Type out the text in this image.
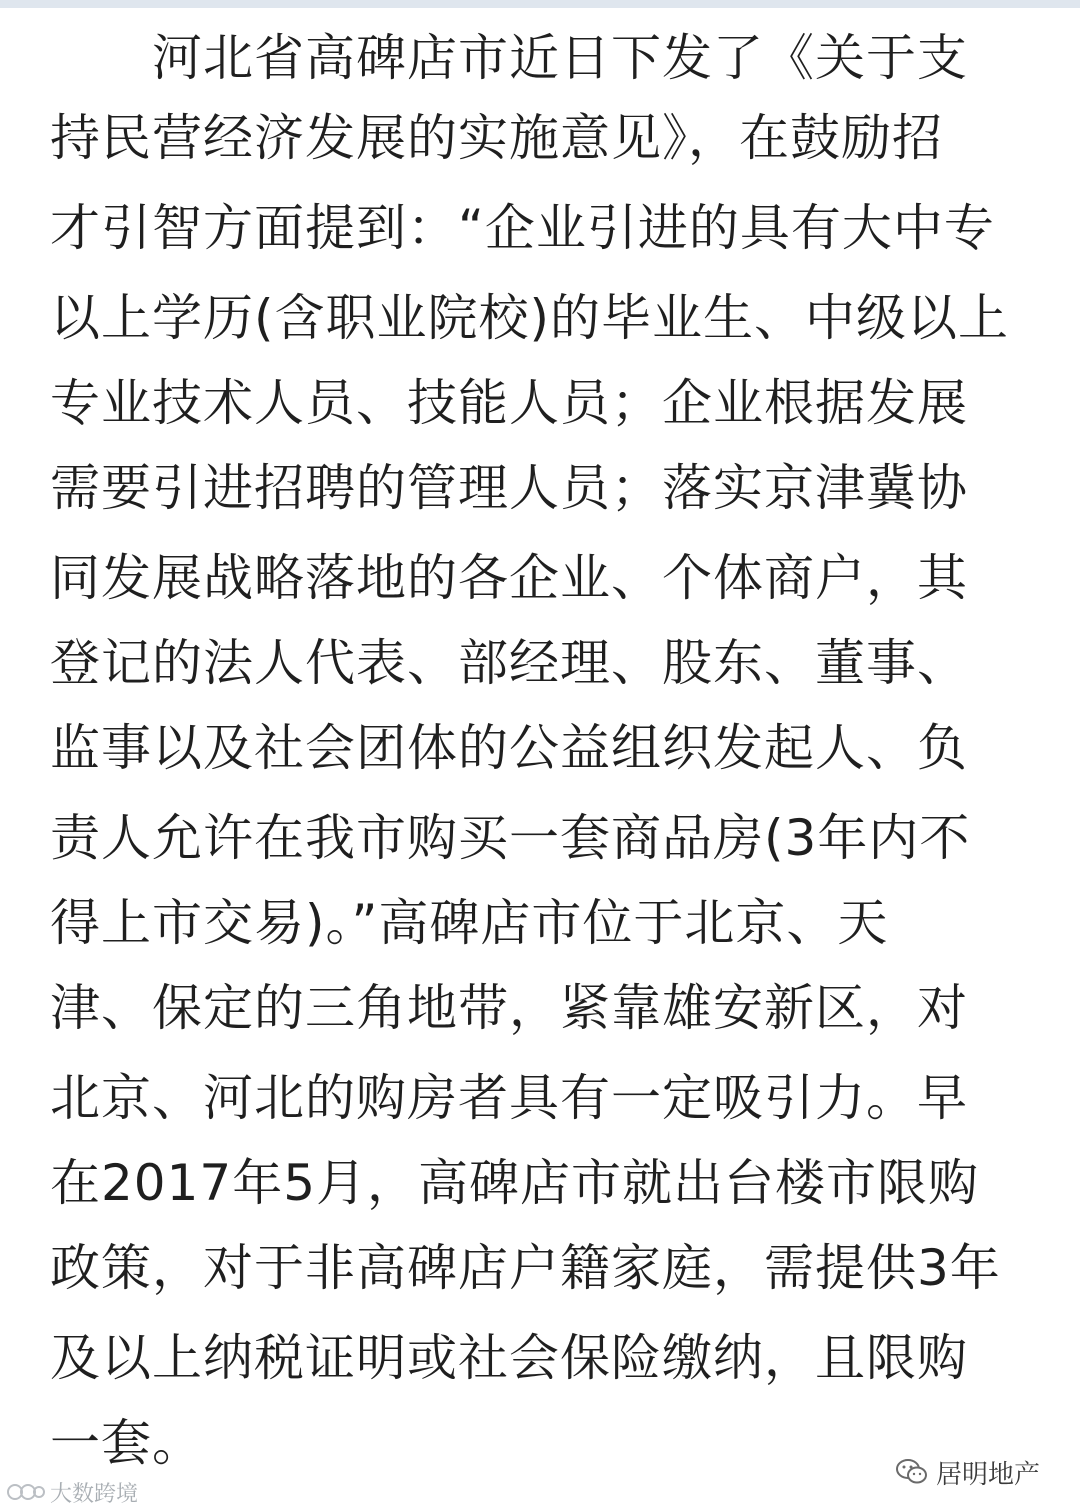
　　河北省高碑店市近日下发了《关于支
持民营经济发展的实施意见》，在鼓励招
才引智方面提到：“企业引进的具有大中专
以上学历(含职业院校)的毕业生、中级以上
专业技术人员、技能人员；企业根据发展
需要引进招聘的管理人员；落实京津冀协
同发展战略落地的各企业、个体商户，其
登记的法人代表、部经理、股东、董事、
监事以及社会团体的公益组织发起人、负
责人允许在我市购买一套商品房(3年内不
得上市交易)。”高碑店市位于北京、天
津、保定的三角地带，紧靠雄安新区，对
北京、河北的购房者具有一定吸引力。早
在2017年5月，高碑店市就出台楼市限购
政策，对于非高碑店户籍家庭，需提供3年
及以上纳税证明或社会保险缴纳，且限购
一套。
居明地产
大数跨境
